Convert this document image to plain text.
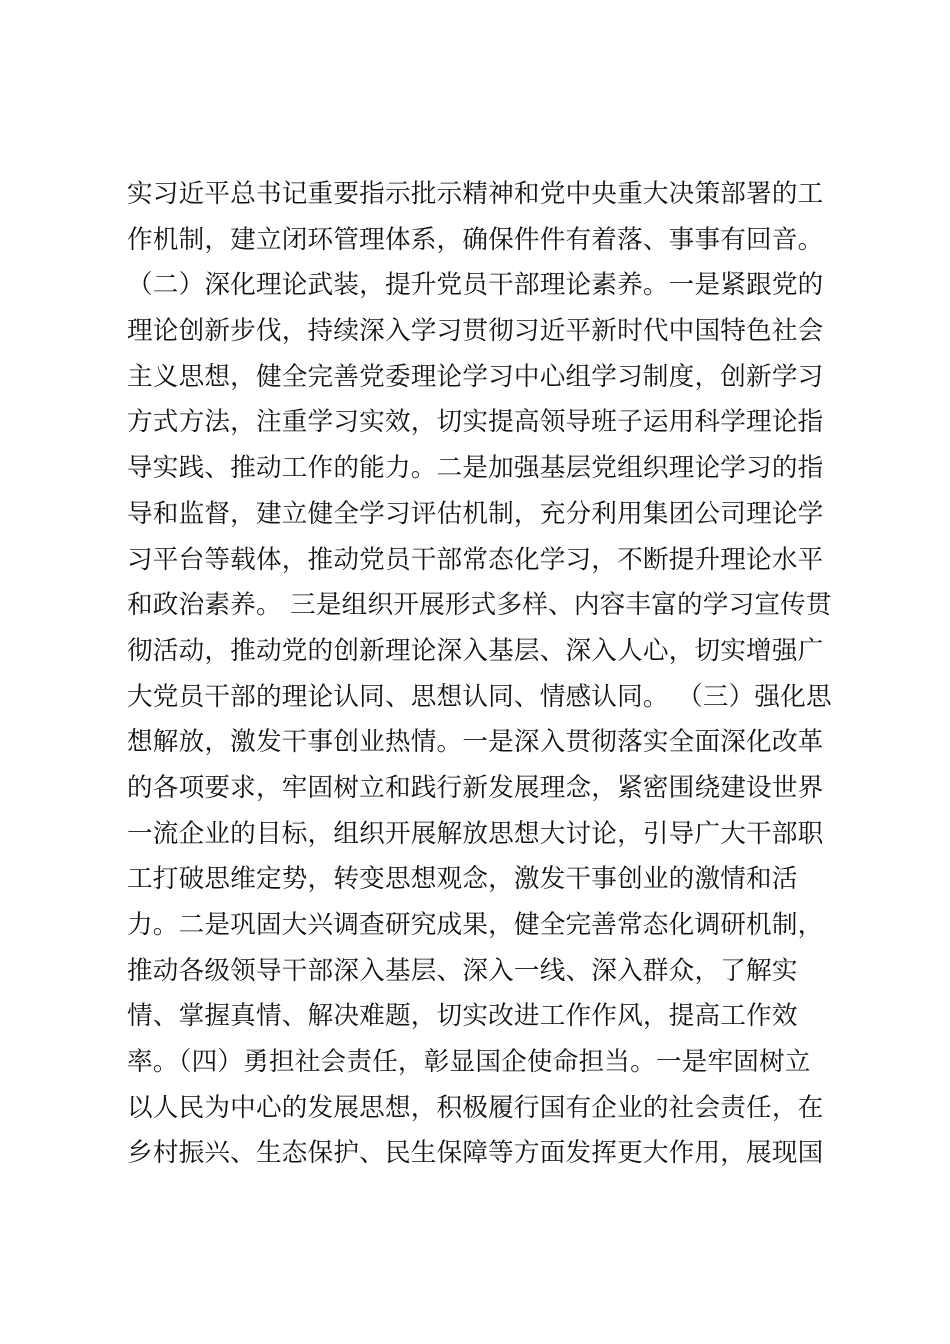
实习近平总书记重要指示批示精神和党中央重大决策部署的工
作机制，建立闭环管理体系，确保件件有着落、事事有回音。
（二）深化理论武装，提升党员干部理论素养。一是紧跟党的
理论创新步伐，持续深入学习贯彻习近平新时代中国特色社会
主义思想，健全完善党委理论学习中心组学习制度，创新学习
方式方法，注重学习实效，切实提高领导班子运用科学理论指
导实践、推动工作的能力。二是加强基层党组织理论学习的指
导和监督，建立健全学习评估机制，充分利用集团公司理论学
习平台等载体，推动党员干部常态化学习，不断提升理论水平
和政治素养。 三是组织开展形式多样、内容丰富的学习宣传贯
彻活动，推动党的创新理论深入基层、深入人心，切实增强广
大党员干部的理论认同、思想认同、情感认同。 （三）强化思
想解放，激发干事创业热情。一是深入贯彻落实全面深化改革
的各项要求，牢固树立和践行新发展理念，紧密围绕建设世界
一流企业的目标，组织开展解放思想大讨论，引导广大干部职
工打破思维定势，转变思想观念，激发干事创业的激情和活
力。二是巩固大兴调查研究成果，健全完善常态化调研机制，
推动各级领导干部深入基层、深入一线、深入群众，了解实
情、掌握真情、解决难题，切实改进工作作风，提高工作效
率。（四）勇担社会责任，彰显国企使命担当。一是牢固树立
以人民为中心的发展思想，积极履行国有企业的社会责任，在
乡村振兴、生态保护、民生保障等方面发挥更大作用，展现国
